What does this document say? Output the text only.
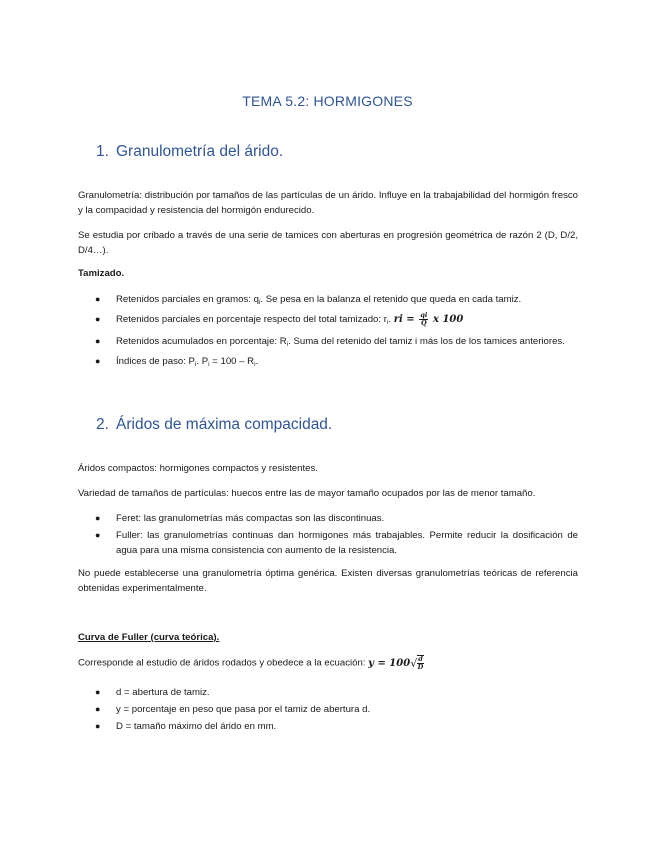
TEMA 5.2: HORMIGONES
1. Granulometría del árido.
Granulometría: distribución por tamaños de las partículas de un árido. Influye en la trabajabilidad del hormigón fresco y la compacidad y resistencia del hormigón endurecido.
Se estudia por cribado a través de una serie de tamices con aberturas en progresión geométrica de razón 2 (D, D/2, D/4…).
Tamizado.
● Retenidos parciales en gramos: $q_i$. Se pesa en la balanza el retenido que queda en cada tamiz.
● Retenidos parciales en porcentaje respecto del total tamizado: $r_i$. ri = $\frac{qi}{Q}$ x 100
● Retenidos acumulados en porcentaje: $R_i$. Suma del retenido del tamiz i más los de los tamices anteriores.
● Índices de paso: $P_i$. $P_i = 100 - R_i$.
2. Áridos de máxima compacidad.
Áridos compactos: hormigones compactos y resistentes.
Variedad de tamaños de partículas: huecos entre las de mayor tamaño ocupados por las de menor tamaño.
● Feret: las granulometrías más compactas son las discontinuas.
● Fuller: las granulometrías continuas dan hormigones más trabajables. Permite reducir la dosificación de agua para una misma consistencia con aumento de la resistencia.
No puede establecerse una granulometría óptima genérica. Existen diversas granulometrías teóricas de referencia obtenidas experimentalmente.
Curva de Fuller (curva teórica).
Corresponde al estudio de áridos rodados y obedece a la ecuación: $y = 100√ \frac{d}{D}$
● d = abertura de tamiz.
● y = porcentaje en peso que pasa por el tamiz de abertura d.
● D = tamaño máximo del árido en mm.
